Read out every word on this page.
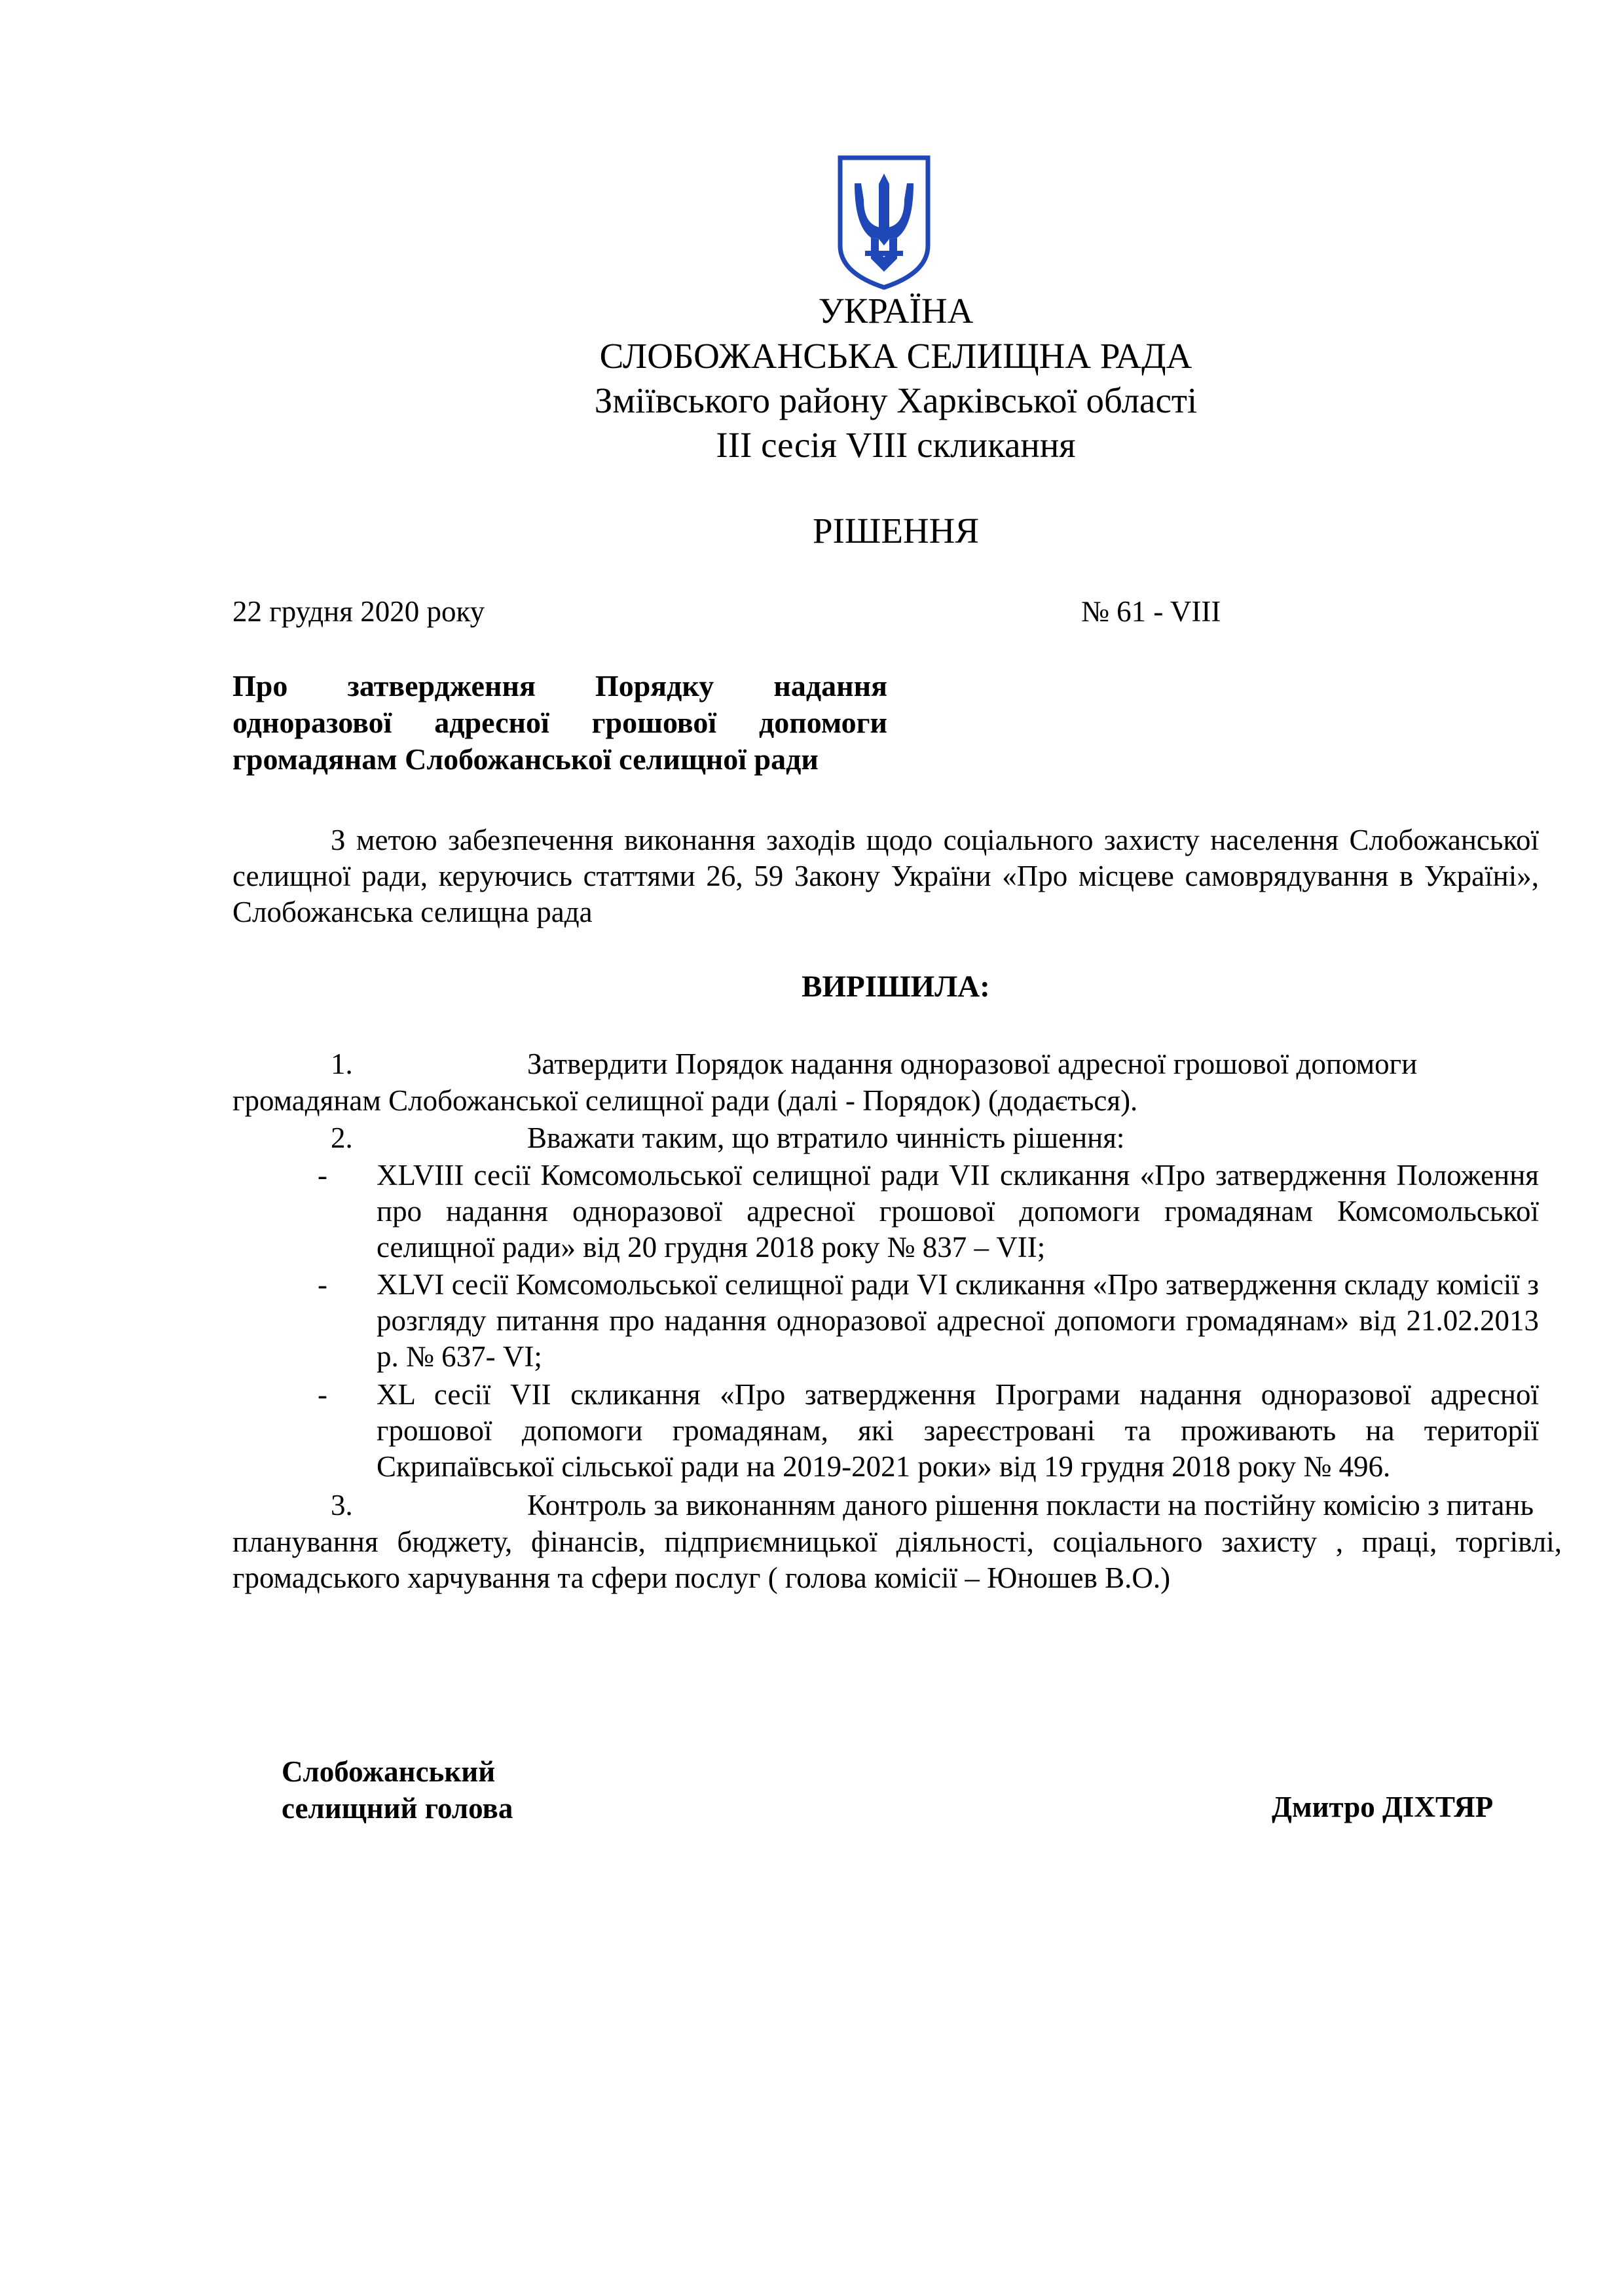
УКРАЇНА
СЛОБОЖАНСЬКА СЕЛИЩНА РАДА
Зміївського району Харківської області
ІІІ сесія VIІІ скликання
РІШЕННЯ
22 грудня 2020 року	№ 61 - VIІІ
Про затвердження Порядку надання одноразової адресної грошової допомоги громадянам Слобожанської селищної ради
З метою забезпечення виконання заходів щодо соціального захисту населення Слобожанської селищної ради, керуючись статтями 26, 59 Закону України «Про місцеве самоврядування в Україні», Слобожанська селищна рада
ВИРІШИЛА:
1.	Затвердити Порядок надання одноразової адресної грошової допомоги
громадянам Слобожанської селищної ради (далі - Порядок) (додається).
2.	Вважати таким, що втратило чинність рішення:
- XLVIII сесії Комсомольської селищної ради VII скликання «Про затвердження Положення про надання одноразової адресної грошової допомоги громадянам Комсомольської селищної ради» від 20 грудня 2018 року № 837 – VII;
- XLVІ сесії Комсомольської селищної ради VІ скликання «Про затвердження складу комісії з розгляду питання про надання одноразової адресної допомоги громадянам» від 21.02.2013 р. № 637- VІ;
- XL сесії VII скликання «Про затвердження Програми надання одноразової адресної грошової допомоги громадянам, які зареєстровані та проживають на території Скрипаївської сільської ради на 2019-2021 роки» від 19 грудня 2018 року № 496.
3.	Контроль за виконанням даного рішення покласти на постійну комісію з питань
планування бюджету, фінансів, підприємницької діяльності, соціального захисту , праці, торгівлі, громадського харчування та сфери послуг ( голова комісії – Юношев В.О.)
Слобожанський
селищний голова	Дмитро ДІХТЯР
